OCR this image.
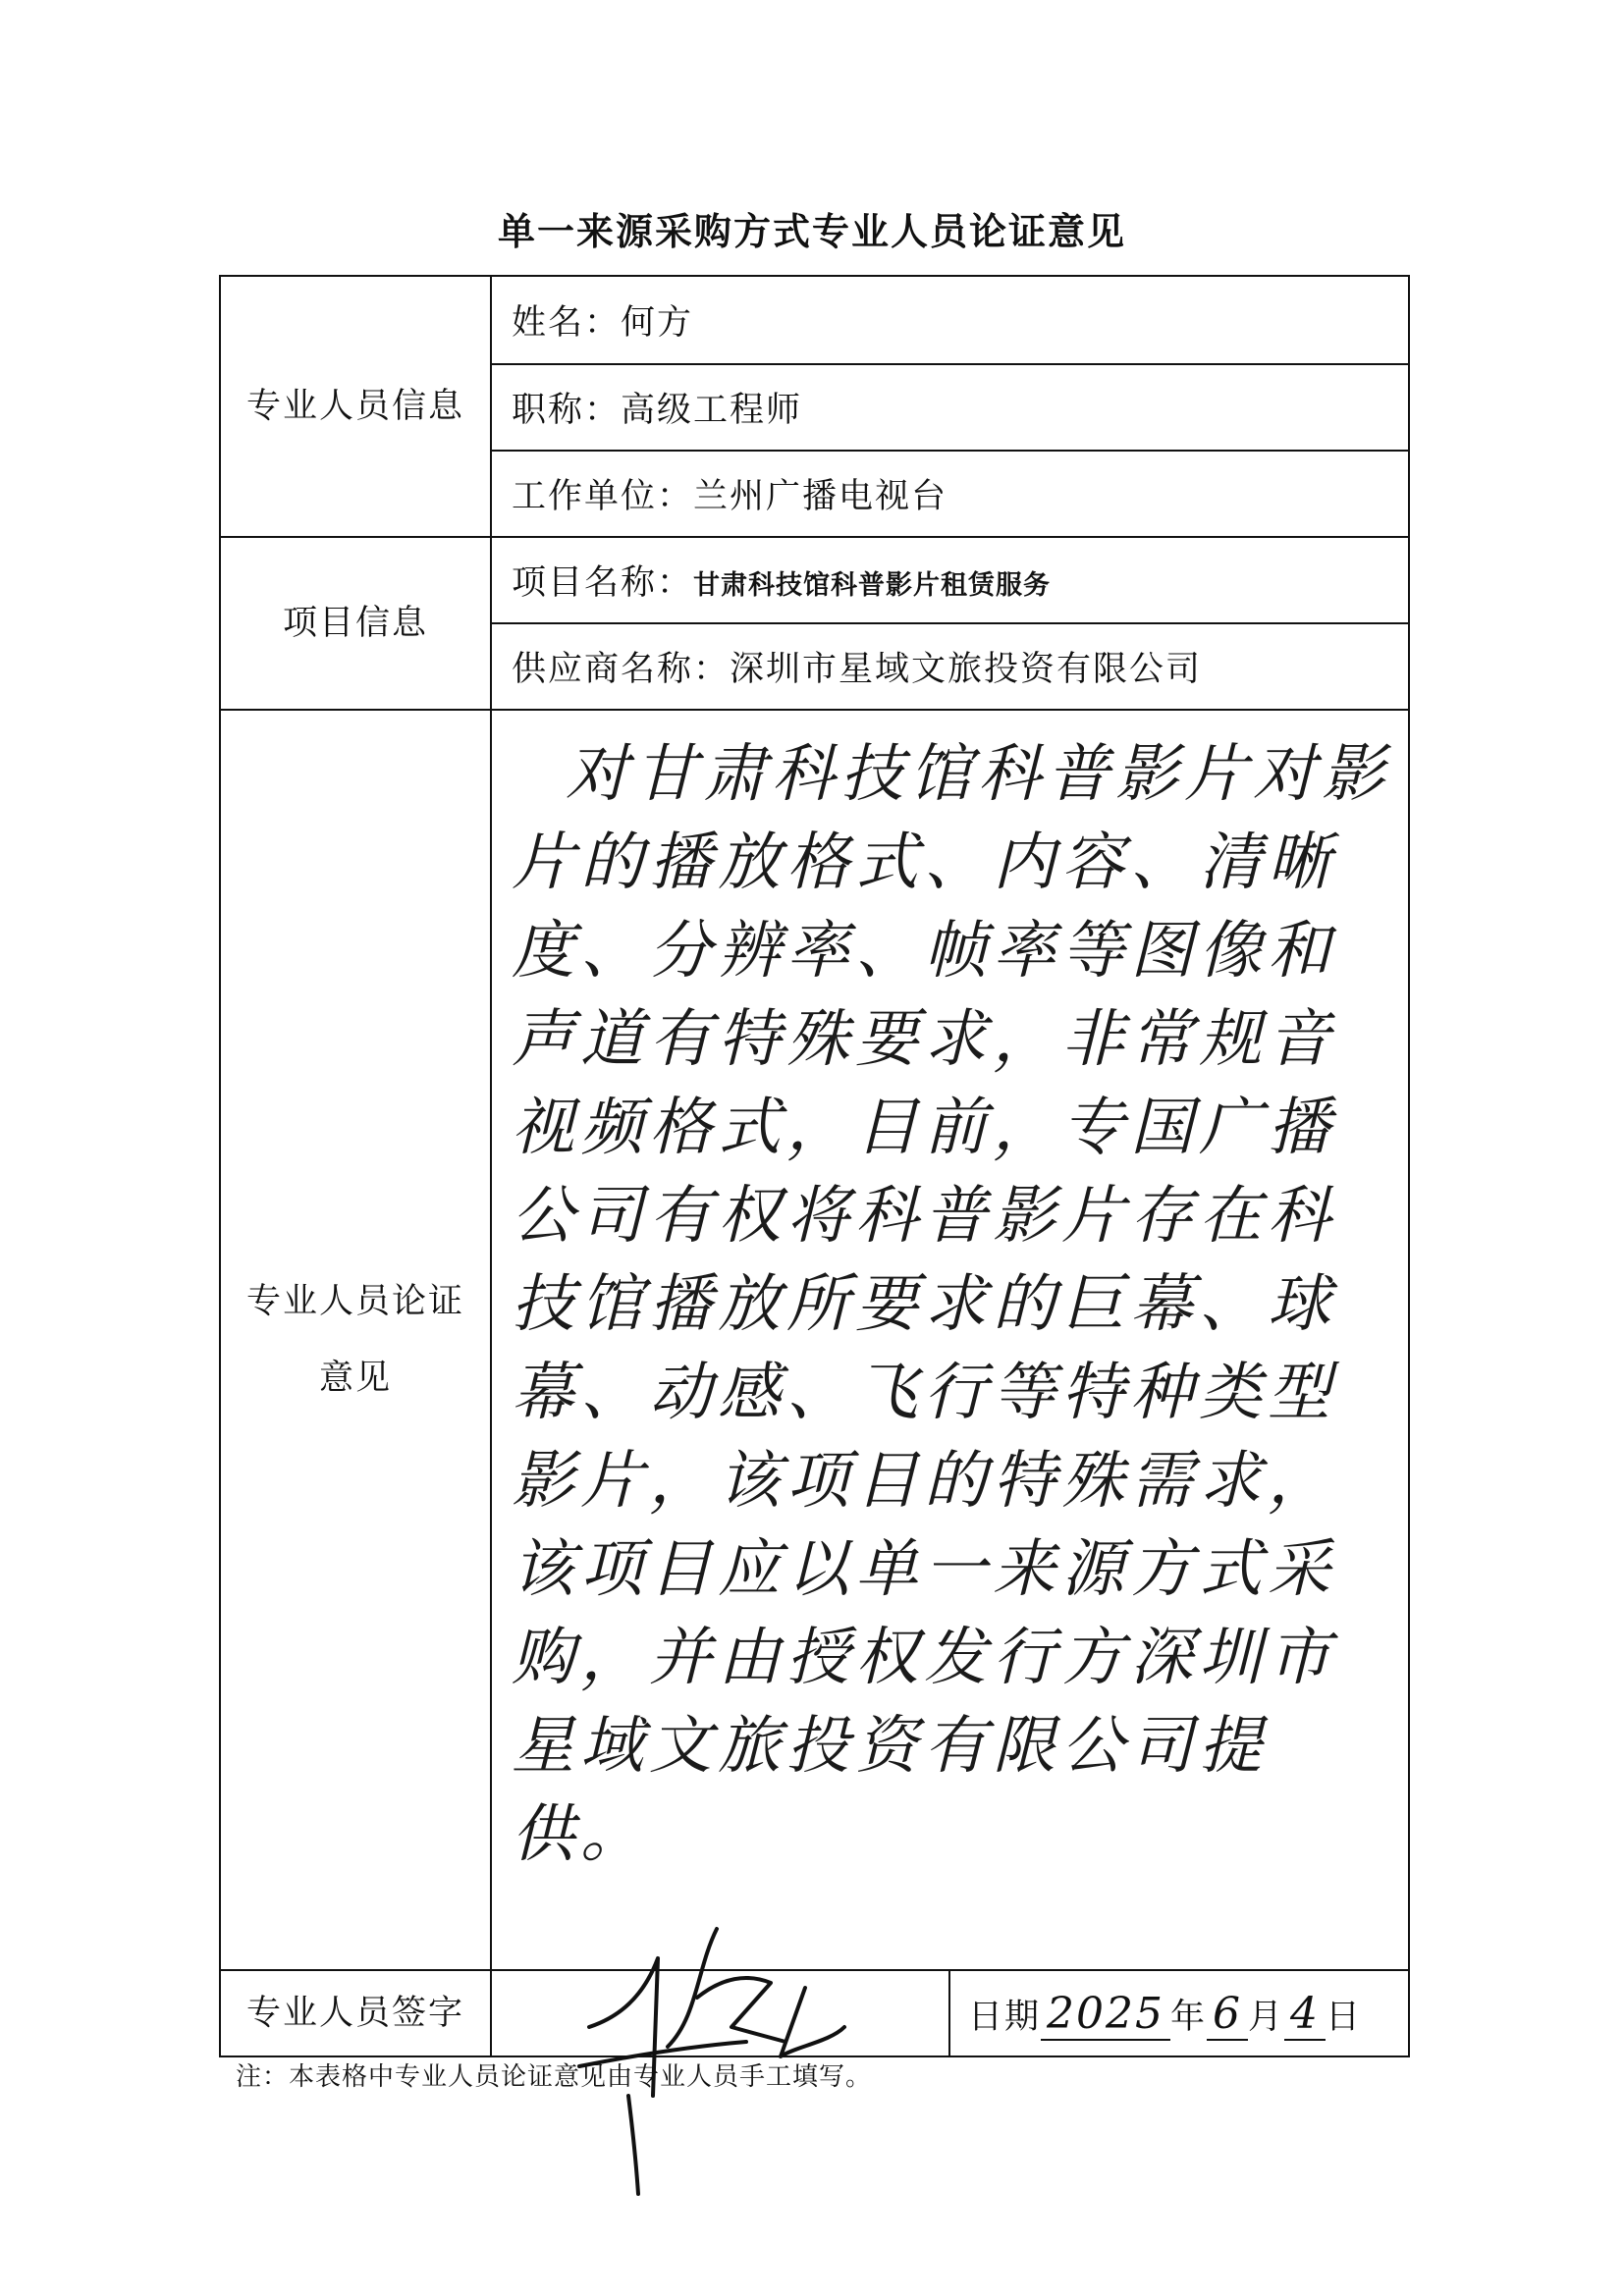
单一来源采购方式专业人员论证意见
专业人员信息	姓名：何方	
	职称：高级工程师	
	工作单位：兰州广播电视台	
项目信息	项目名称：甘肃科技馆科普影片租赁服务	
	供应商名称：深圳市星域文旅投资有限公司	

专业人员论证
意见	对甘肃科技馆科普影片对影片的播放格式、内容、清晰度、分辨率、帧率等图像和声道有特殊要求，非常规音视频格式，目前，专国广播公司有权将科普影片存在科技馆播放所要求的巨幕、球幕、动感、飞行等特种类型影片，该项目的特殊需求，该项目应以单一来源方式采购，并由授权发行方深圳市星域文旅投资有限公司提供。	

专业人员签字		日期 2025 年 6 月 4 日
注：本表格中专业人员论证意见由专业人员手工填写。
